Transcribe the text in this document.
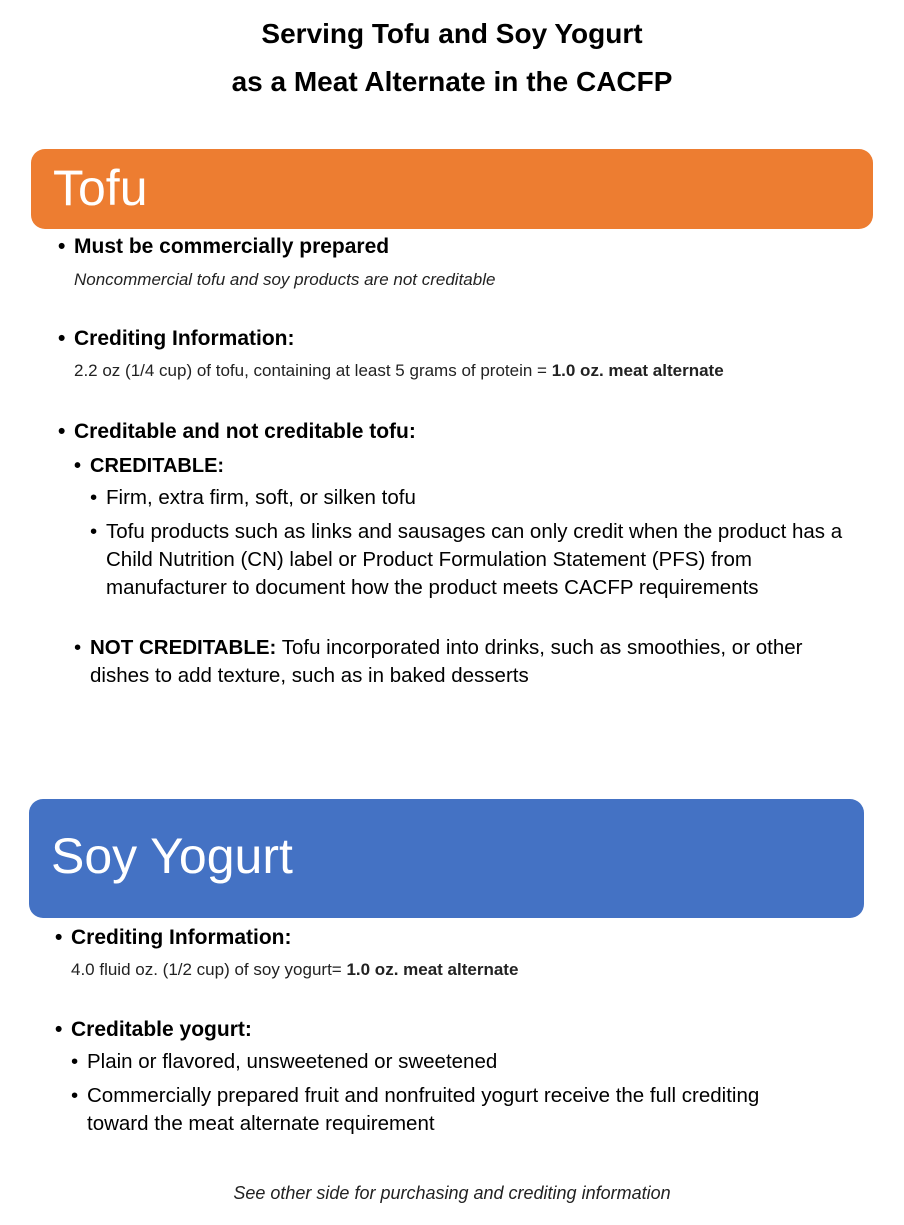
Serving Tofu and Soy Yogurt
as a Meat Alternate in the CACFP
Tofu
• Must be commercially prepared
Noncommercial tofu and soy products are not creditable
• Crediting Information:
2.2 oz (1/4 cup) of tofu, containing at least 5 grams of protein = 1.0 oz. meat alternate
• Creditable and not creditable tofu:
• CREDITABLE:
• Firm, extra firm, soft, or silken tofu
• Tofu products such as links and sausages can only credit when the product has a Child Nutrition (CN) label or Product Formulation Statement (PFS) from manufacturer to document how the product meets CACFP requirements
• NOT CREDITABLE: Tofu incorporated into drinks, such as smoothies, or other dishes to add texture, such as in baked desserts
Soy Yogurt
• Crediting Information:
4.0 fluid oz. (1/2 cup) of soy yogurt= 1.0 oz. meat alternate
• Creditable yogurt:
• Plain or flavored, unsweetened or sweetened
• Commercially prepared fruit and nonfruited yogurt receive the full crediting toward the meat alternate requirement
See other side for purchasing and crediting information
